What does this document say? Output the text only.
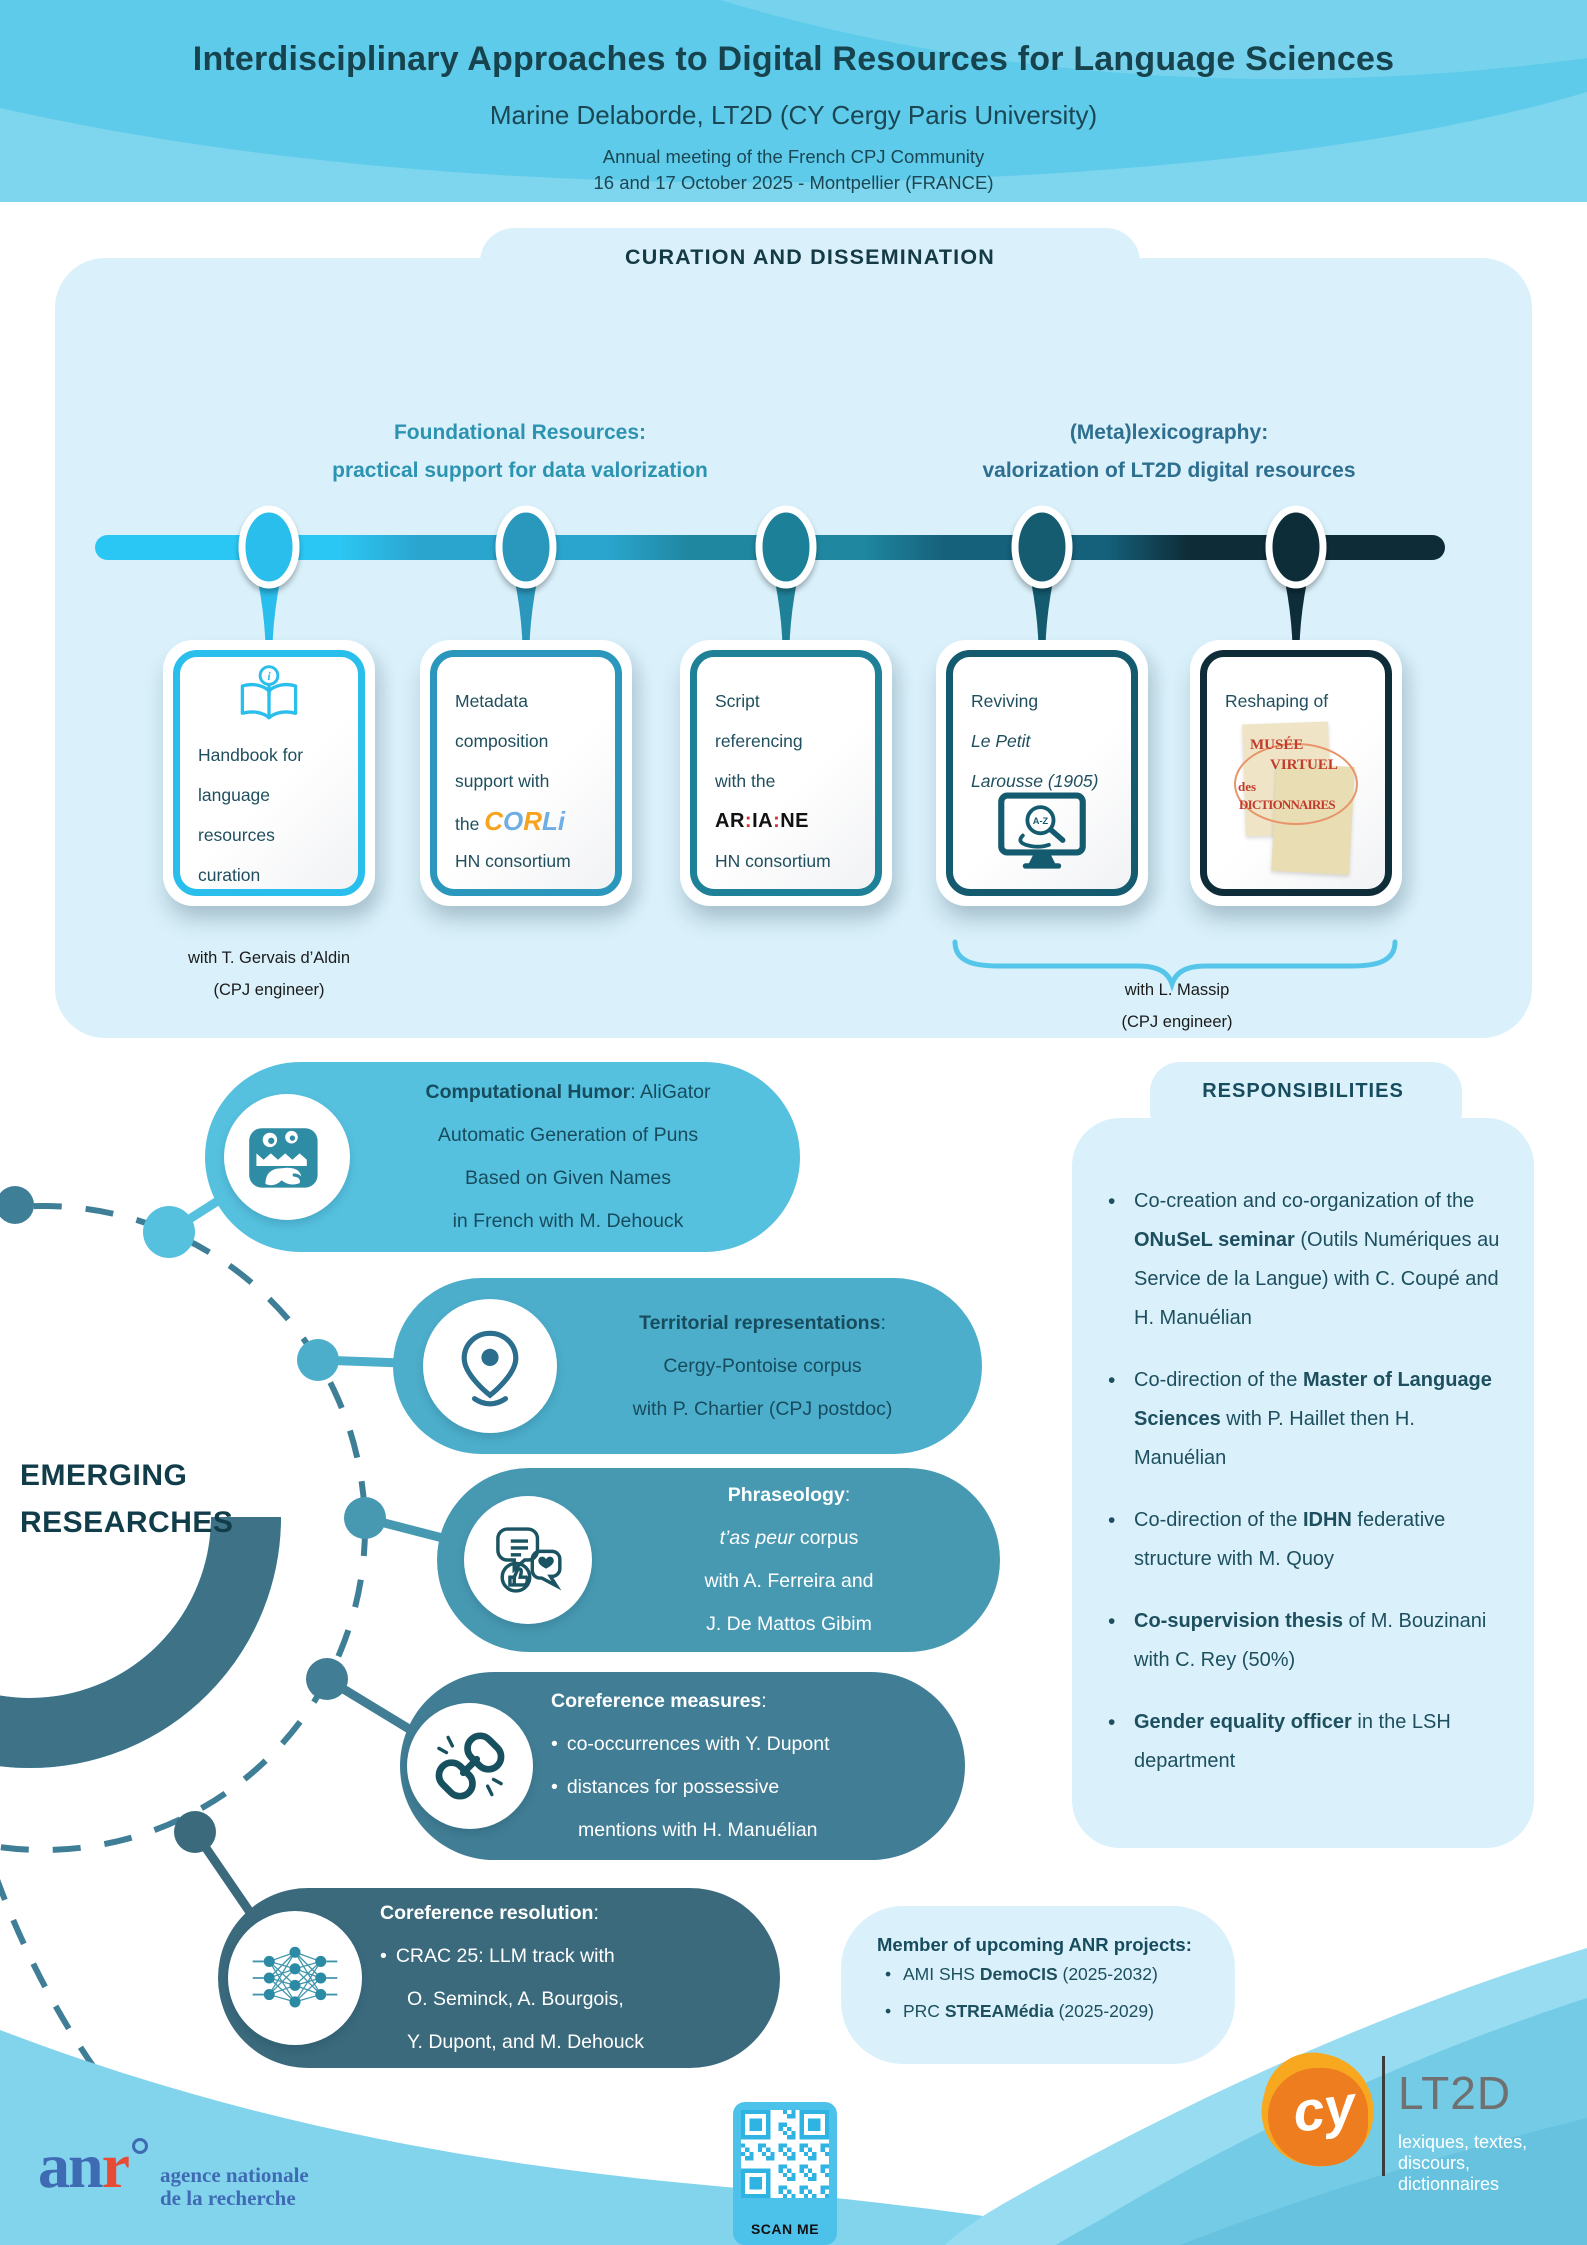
Interdisciplinary Approaches to Digital Resources for Language Sciences
Marine Delaborde, LT2D (CY Cergy Paris University)
Annual meeting of the French CPJ Community
16 and 17 October 2025 - Montpellier (FRANCE)
CURATION AND DISSEMINATION
Foundational Resources:
practical support for data valorization
(Meta)lexicography:
valorization of LT2D digital resources
i
Handbook for
language
resources
curation
Metadata
composition
support with
the CORLi
HN consortium
Script
referencing
with the
AR:IA:NE
HN consortium
Reviving
Le Petit
Larousse (1905)
A-Z
Reshaping of
MUSÉE
VIRTUEL
des
DICTIONNAIRES
with T. Gervais d’Aldin
(CPJ engineer)	with L. Massip
(CPJ engineer)
EMERGING
RESEARCHES
Computational Humor: AliGator
Automatic Generation of Puns
Based on Given Names
in French with M. Dehouck
Territorial representations:
Cergy-Pontoise corpus
with P. Chartier (CPJ postdoc)
Phraseology:
t’as peur corpus
with A. Ferreira and
J. De Mattos Gibim
Coreference measures:
• co-occurrences with Y. Dupont
• distances for possessive
mentions with H. Manuélian
Coreference resolution:
• CRAC 25: LLM track with
O. Seminck, A. Bourgois,
Y. Dupont, and M. Dehouck
• Co-creation and co-organization of the ONuSeL seminar (Outils Numériques au Service de la Langue) with C. Coupé and H. Manuélian
• Co-direction of the Master of Language Sciences with P. Haillet then H. Manuélian
• Co-direction of the IDHN federative structure with M. Quoy
• Co-supervision thesis of M. Bouzinani with C. Rey (50%)
• Gender equality officer in the LSH department
RESPONSIBILITIES
Member of upcoming ANR projects:
• AMI SHS DemoCIS (2025-2032)
• PRC STREAMédia (2025-2029)
anr agence nationale
de la recherche
SCAN ME
cy LT2D
lexiques, textes,
discours, dictionnaires
